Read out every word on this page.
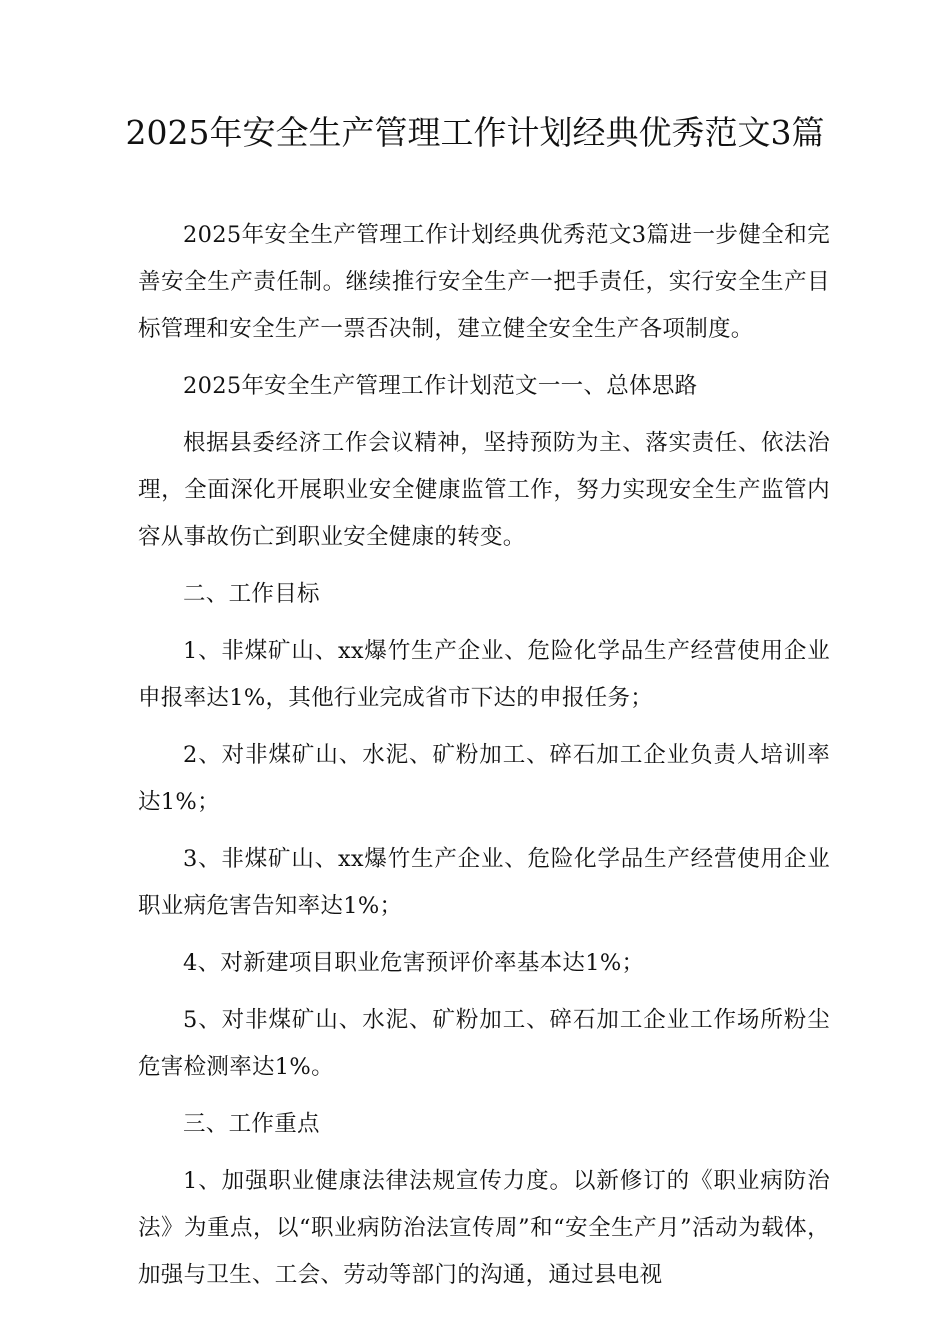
2025年安全生产管理工作计划经典优秀范文3篇

2025年安全生产管理工作计划经典优秀范文3篇进一步健全和完善安全生产责任制。继续推行安全生产一把手责任，实行安全生产目标管理和安全生产一票否决制，建立健全安全生产各项制度。

2025年安全生产管理工作计划范文一一、总体思路

根据县委经济工作会议精神，坚持预防为主、落实责任、依法治理，全面深化开展职业安全健康监管工作，努力实现安全生产监管内容从事故伤亡到职业安全健康的转变。

二、工作目标

1、非煤矿山、xx爆竹生产企业、危险化学品生产经营使用企业申报率达1%，其他行业完成省市下达的申报任务；

2、对非煤矿山、水泥、矿粉加工、碎石加工企业负责人培训率达1%；

3、非煤矿山、xx爆竹生产企业、危险化学品生产经营使用企业职业病危害告知率达1%；

4、对新建项目职业危害预评价率基本达1%；

5、对非煤矿山、水泥、矿粉加工、碎石加工企业工作场所粉尘危害检测率达1%。

三、工作重点

1、加强职业健康法律法规宣传力度。以新修订的《职业病防治法》为重点，以“职业病防治法宣传周”和“安全生产月”活动为载体，加强与卫生、工会、劳动等部门的沟通，通过县电视
